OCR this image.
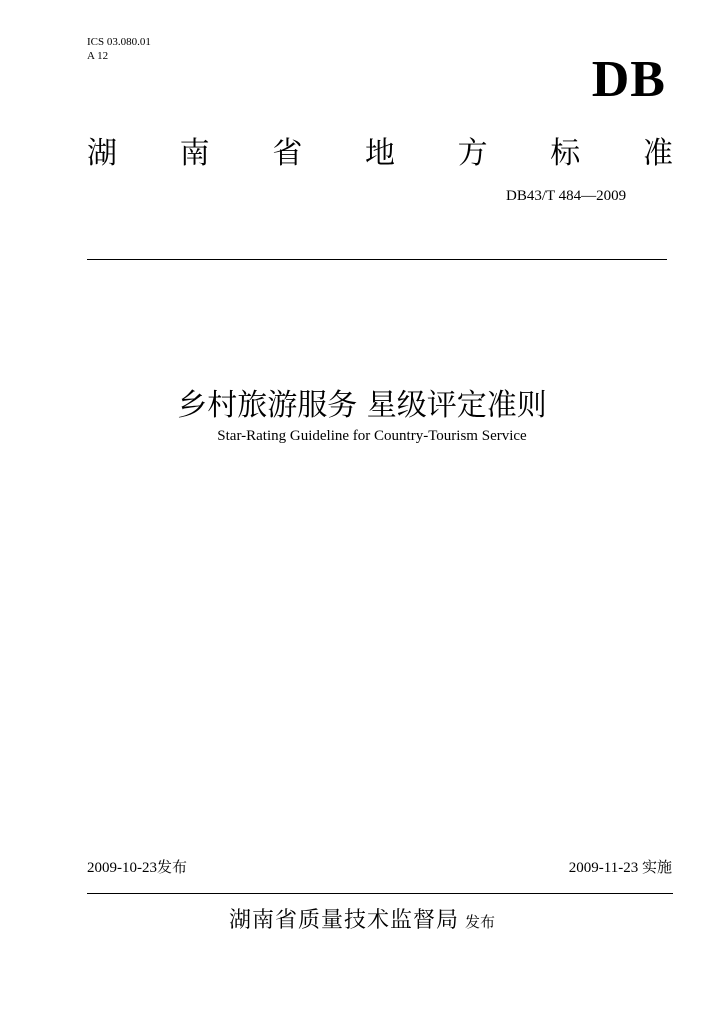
ICS 03.080.01
A 12	DB
湖 南 省 地 方 标 准
DB43/T 484—2009
乡村旅游服务 星级评定准则
Star-Rating Guideline for Country-Tourism Service
2009-10-23发布	2009-11-23 实施
湖南省质量技术监督局 发布
